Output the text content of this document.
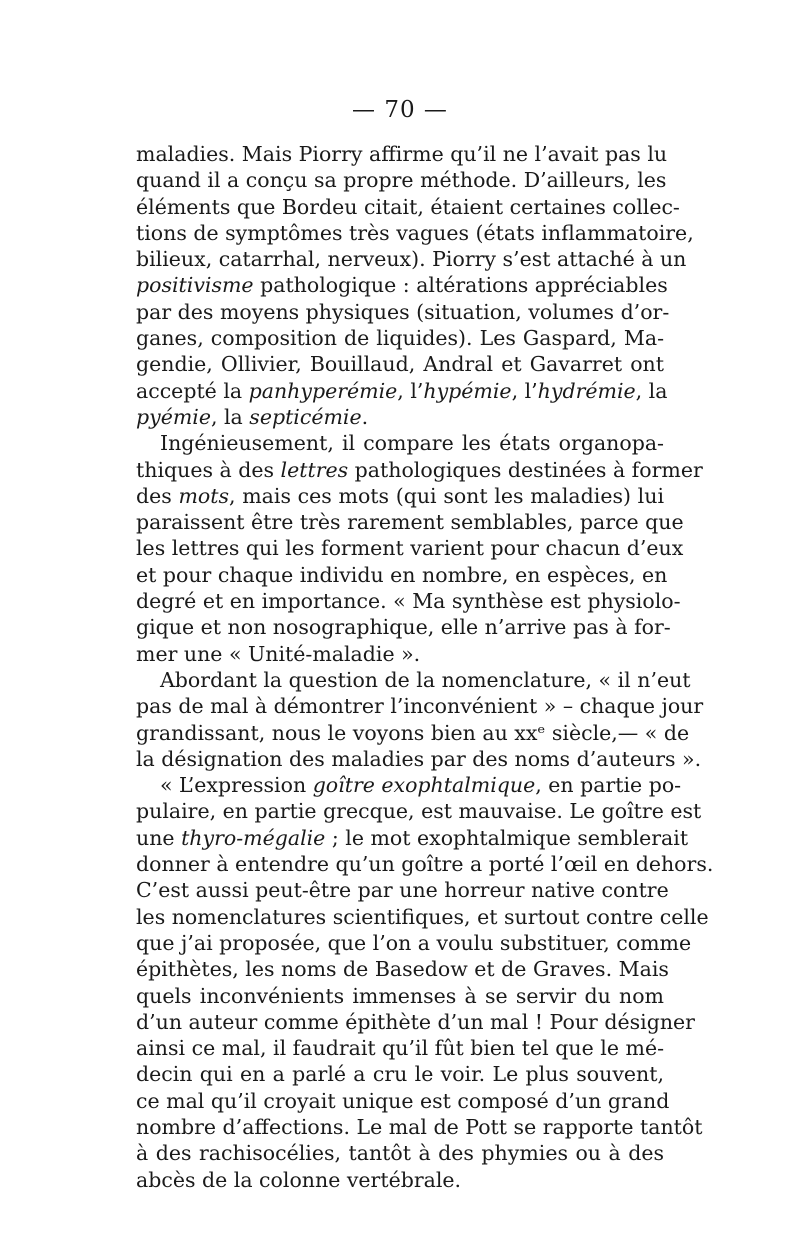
— 70 —
maladies. Mais Piorry affirme qu’il ne l’avait pas lu
quand il a conçu sa propre méthode. D’ailleurs, les
éléments que Bordeu citait, étaient certaines collec-
tions de symptômes très vagues (états inflammatoire,
bilieux, catarrhal, nerveux). Piorry s’est attaché à un
positivisme pathologique : altérations appréciables
par des moyens physiques (situation, volumes d’or-
ganes, composition de liquides). Les Gaspard, Ma-
gendie, Ollivier, Bouillaud, Andral et Gavarret ont
accepté la panhyperémie, l’hypémie, l’hydrémie, la
pyémie, la septicémie.
Ingénieusement, il compare les états organopa-
thiques à des lettres pathologiques destinées à former
des mots, mais ces mots (qui sont les maladies) lui
paraissent être très rarement semblables, parce que
les lettres qui les forment varient pour chacun d’eux
et pour chaque individu en nombre, en espèces, en
degré et en importance. « Ma synthèse est physiolo-
gique et non nosographique, elle n’arrive pas à for-
mer une « Unité-maladie ».
Abordant la question de la nomenclature, « il n’eut
pas de mal à démontrer l’inconvénient » – chaque jour
grandissant, nous le voyons bien au xxᵉ siècle,— « de
la désignation des maladies par des noms d’auteurs ».
« L’expression goître exophtalmique, en partie po-
pulaire, en partie grecque, est mauvaise. Le goître est
une thyro-mégalie ; le mot exophtalmique semblerait
donner à entendre qu’un goître a porté l’œil en dehors.
C’est aussi peut-être par une horreur native contre
les nomenclatures scientifiques, et surtout contre celle
que j’ai proposée, que l’on a voulu substituer, comme
épithètes, les noms de Basedow et de Graves. Mais
quels inconvénients immenses à se servir du nom
d’un auteur comme épithète d’un mal ! Pour désigner
ainsi ce mal, il faudrait qu’il fût bien tel que le mé-
decin qui en a parlé a cru le voir. Le plus souvent,
ce mal qu’il croyait unique est composé d’un grand
nombre d’affections. Le mal de Pott se rapporte tantôt
à des rachisocélies, tantôt à des phymies ou à des
abcès de la colonne vertébrale.
